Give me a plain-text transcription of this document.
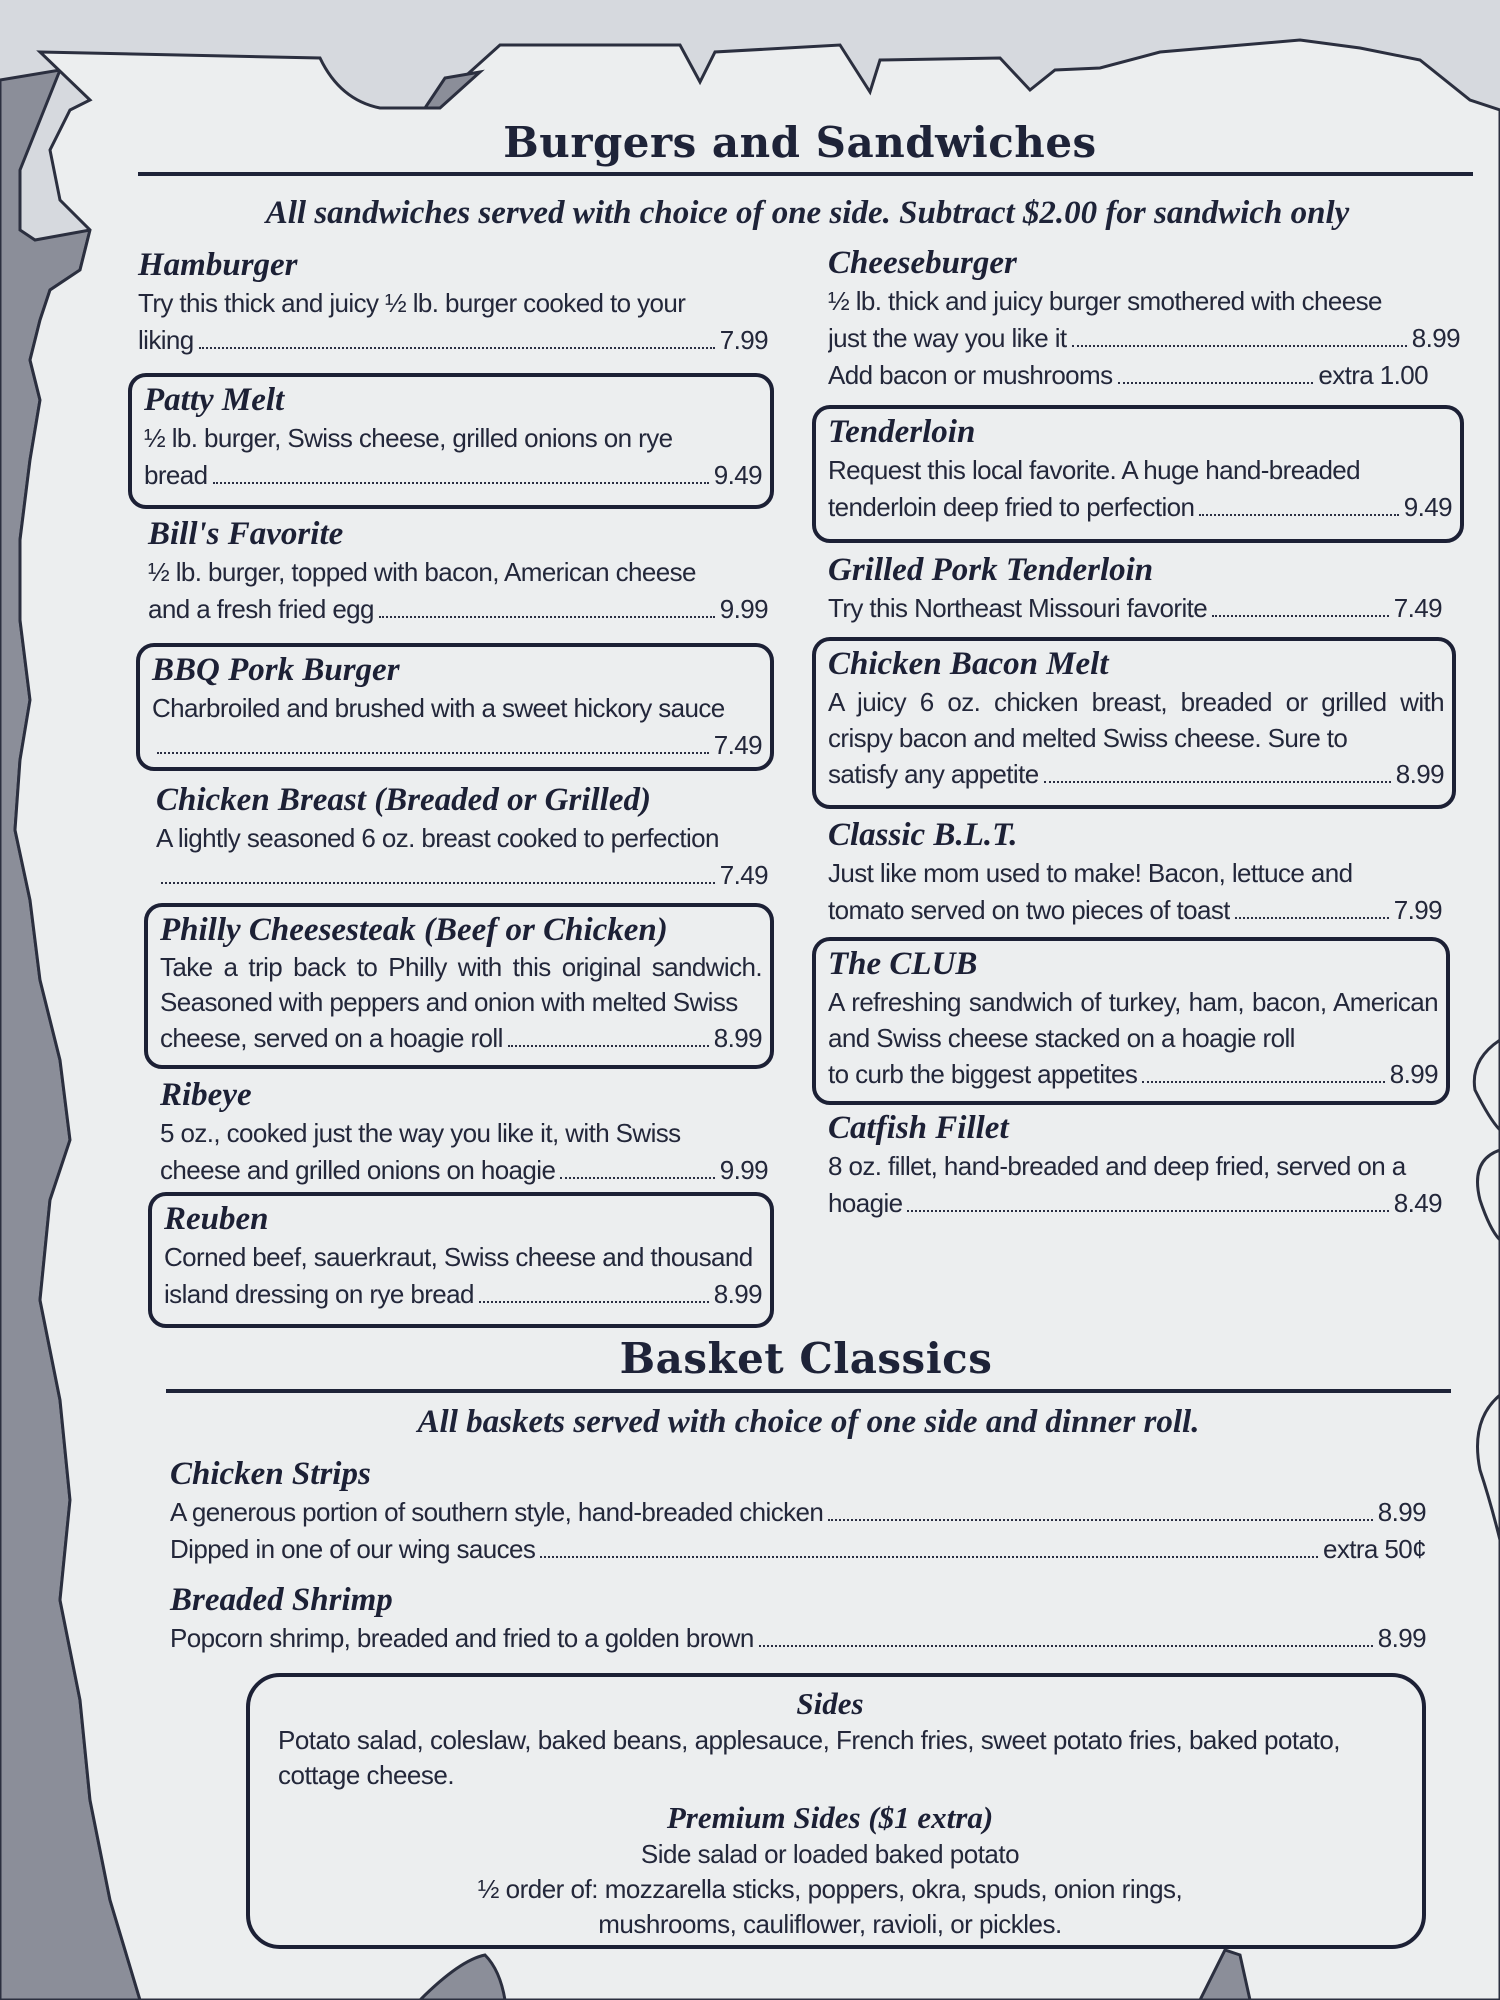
Burgers and Sandwiches
All sandwiches served with choice of one side. Subtract $2.00 for sandwich only
Hamburger
Try this thick and juicy ½ lb. burger cooked to your
liking	7.99
Patty Melt
½ lb. burger, Swiss cheese, grilled onions on rye
bread	9.49
Bill's Favorite
½ lb. burger, topped with bacon, American cheese
and a fresh fried egg	9.99
BBQ Pork Burger
Charbroiled and brushed with a sweet hickory sauce
7.49
Chicken Breast (Breaded or Grilled)
A lightly seasoned 6 oz. breast cooked to perfection
7.49
Philly Cheesesteak (Beef or Chicken)
Take a trip back to Philly with this original sandwich. Seasoned with peppers and onion with melted Swiss
cheese, served on a hoagie roll	8.99
Ribeye
5 oz., cooked just the way you like it, with Swiss
cheese and grilled onions on hoagie	9.99
Reuben
Corned beef, sauerkraut, Swiss cheese and thousand
island dressing on rye bread	8.99
Cheeseburger
½ lb. thick and juicy burger smothered with cheese
just the way you like it	8.99
Add bacon or mushrooms	extra 1.00
Tenderloin
Request this local favorite. A huge hand-breaded
tenderloin deep fried to perfection	9.49
Grilled Pork Tenderloin
Try this Northeast Missouri favorite	7.49
Chicken Bacon Melt
A juicy 6 oz. chicken breast, breaded or grilled with crispy bacon and melted Swiss cheese. Sure to
satisfy any appetite	8.99
Classic B.L.T.
Just like mom used to make! Bacon, lettuce and
tomato served on two pieces of toast	7.99
The CLUB
A refreshing sandwich of turkey, ham, bacon, American and Swiss cheese stacked on a hoagie roll
to curb the biggest appetites	8.99
Catfish Fillet
8 oz. fillet, hand-breaded and deep fried, served on a
hoagie	8.49
Basket Classics
All baskets served with choice of one side and dinner roll.
Chicken Strips
A generous portion of southern style, hand-breaded chicken	8.99
Dipped in one of our wing sauces	extra 50¢
Breaded Shrimp
Popcorn shrimp, breaded and fried to a golden brown	8.99
Sides
Potato salad, coleslaw, baked beans, applesauce, French fries, sweet potato fries, baked potato, cottage cheese.
Premium Sides ($1 extra)
Side salad or loaded baked potato
½ order of: mozzarella sticks, poppers, okra, spuds, onion rings,
mushrooms, cauliflower, ravioli, or pickles.
